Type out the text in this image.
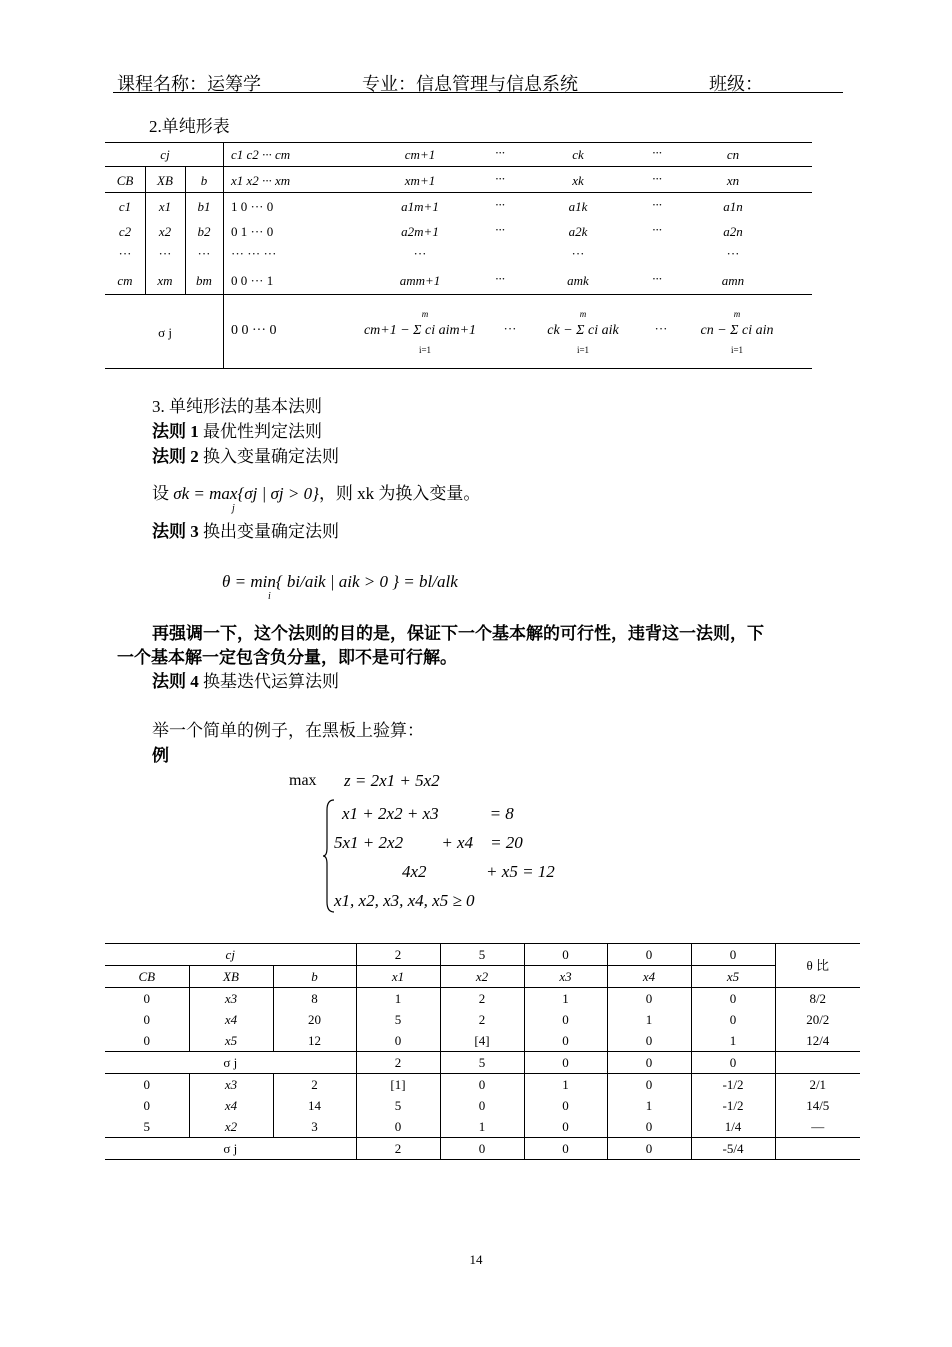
课程名称：运筹学	专业：信息管理与信息系统	班级：
2.单纯形表
cj	c1 c2 ··· cm	cm+1	···	ck	···	cn
CB	XB	b	x1 x2 ··· xm	xm+1	···	xk	···	xn
c1	x1	b1	1 0 ··· 0	a1m+1	···	a1k	···	a1n
c2	x2	b2	0 1 ··· 0	a2m+1	···	a2k	···	a2n
···	···	···	··· ··· ···	···	···	···
cm	xm	bm	0 0 ··· 1	amm+1	···	amk	···	amn
σ j	0 0 ··· 0	cm+1 − Σ ci aim+1	···	ck − Σ ci aik	···	cn − Σ ci ain
m
i=1
m
i=1
m
i=1
3. 单纯形法的基本法则
法则 1 最优性判定法则
法则 2 换入变量确定法则
设 σk = max{σj | σj > 0}，则 xk 为换入变量。
j
法则 3 换出变量确定法则
θ = min{ bi/aik | aik > 0 } = bl/alk
i
再强调一下，这个法则的目的是，保证下一个基本解的可行性，违背这一法则，下
一个基本解一定包含负分量，即不是可行解。
法则 4 换基迭代运算法则
举一个简单的例子，在黑板上验算：
例
max z = 2x1 + 5x2
x1 + 2x2 + x3            = 8
5x1 + 2x2         + x4    = 20
4x2              + x5 = 12
x1, x2, x3, x4, x5 ≥ 0
cj			2	5	0	0	0	θ 比
CB	XB	b	x1	x2	x3	x4	x5	
0	x3	8	1	2	1	0	0	8/2
0	x4	20	5	2	0	1	0	20/2
0	x5	12	0	[4]	0	0	1	12/4
σ j			2	5	0	0	0	
0	x3	2	[1]	0	1	0	-1/2	2/1
0	x4	14	5	0	0	1	-1/2	14/5
5	x2	3	0	1	0	0	1/4	—
σ j			2	0	0	0	-5/4	
14
